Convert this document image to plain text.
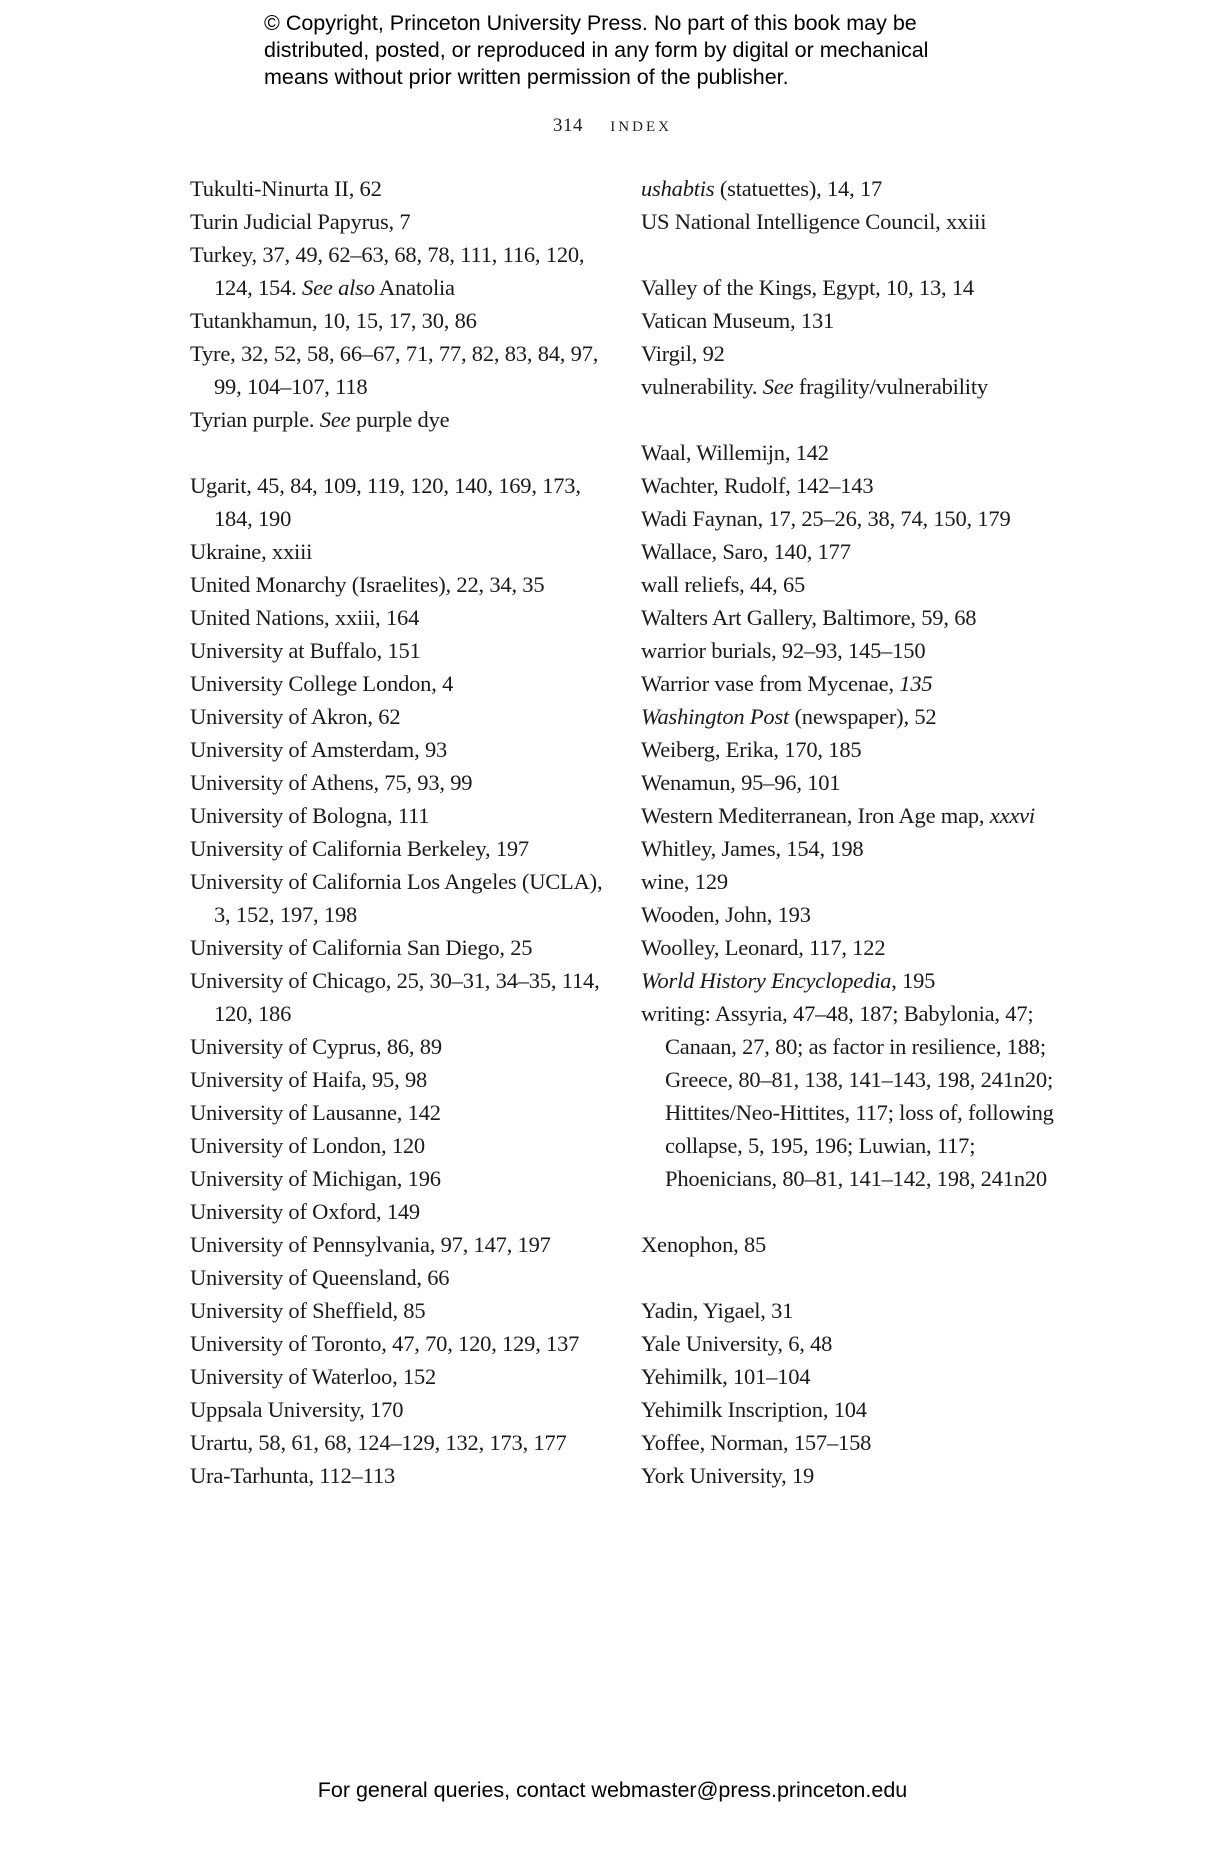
© Copyright, Princeton University Press. No part of this book may be
distributed, posted, or reproduced in any form by digital or mechanical
means without prior written permission of the publisher.
314 index

Tukulti-Ninurta II, 62

Turin Judicial Papyrus, 7

Turkey, 37, 49, 62–63, 68, 78, 111, 116, 120, 124, 154. See also Anatolia

Tutankhamun, 10, 15, 17, 30, 86

Tyre, 32, 52, 58, 66–67, 71, 77, 82, 83, 84, 97, 99, 104–107, 118

Tyrian purple. See purple dye

Ugarit, 45, 84, 109, 119, 120, 140, 169, 173, 184, 190

Ukraine, xxiii

United Monarchy (Israelites), 22, 34, 35

United Nations, xxiii, 164

University at Buffalo, 151

University College London, 4

University of Akron, 62

University of Amsterdam, 93

University of Athens, 75, 93, 99

University of Bologna, 111

University of California Berkeley, 197

University of California Los Angeles (UCLA), 3, 152, 197, 198

University of California San Diego, 25

University of Chicago, 25, 30–31, 34–35, 114, 120, 186

University of Cyprus, 86, 89

University of Haifa, 95, 98

University of Lausanne, 142

University of London, 120

University of Michigan, 196

University of Oxford, 149

University of Pennsylvania, 97, 147, 197

University of Queensland, 66

University of Sheffield, 85

University of Toronto, 47, 70, 120, 129, 137

University of Waterloo, 152

Uppsala University, 170

Urartu, 58, 61, 68, 124–129, 132, 173, 177

Ura-Tarhunta, 112–113

ushabtis (statuettes), 14, 17

US National Intelligence Council, xxiii

Valley of the Kings, Egypt, 10, 13, 14

Vatican Museum, 131

Virgil, 92

vulnerability. See fragility/vulnerability

Waal, Willemijn, 142

Wachter, Rudolf, 142–143

Wadi Faynan, 17, 25–26, 38, 74, 150, 179

Wallace, Saro, 140, 177

wall reliefs, 44, 65

Walters Art Gallery, Baltimore, 59, 68

warrior burials, 92–93, 145–150

Warrior vase from Mycenae, 135

Washington Post (newspaper), 52

Weiberg, Erika, 170, 185

Wenamun, 95–96, 101

Western Mediterranean, Iron Age map, xxxvi

Whitley, James, 154, 198

wine, 129

Wooden, John, 193

Woolley, Leonard, 117, 122

World History Encyclopedia, 195

writing: Assyria, 47–48, 187; Babylonia, 47; Canaan, 27, 80; as factor in resilience, 188; Greece, 80–81, 138, 141–143, 198, 241n20; Hittites/Neo-Hittites, 117; loss of, following collapse, 5, 195, 196; Luwian, 117; Phoenicians, 80–81, 141–142, 198, 241n20

Xenophon, 85

Yadin, Yigael, 31

Yale University, 6, 48

Yehimilk, 101–104

Yehimilk Inscription, 104

Yoffee, Norman, 157–158

York University, 19

For general queries, contact webmaster@press.princeton.edu
